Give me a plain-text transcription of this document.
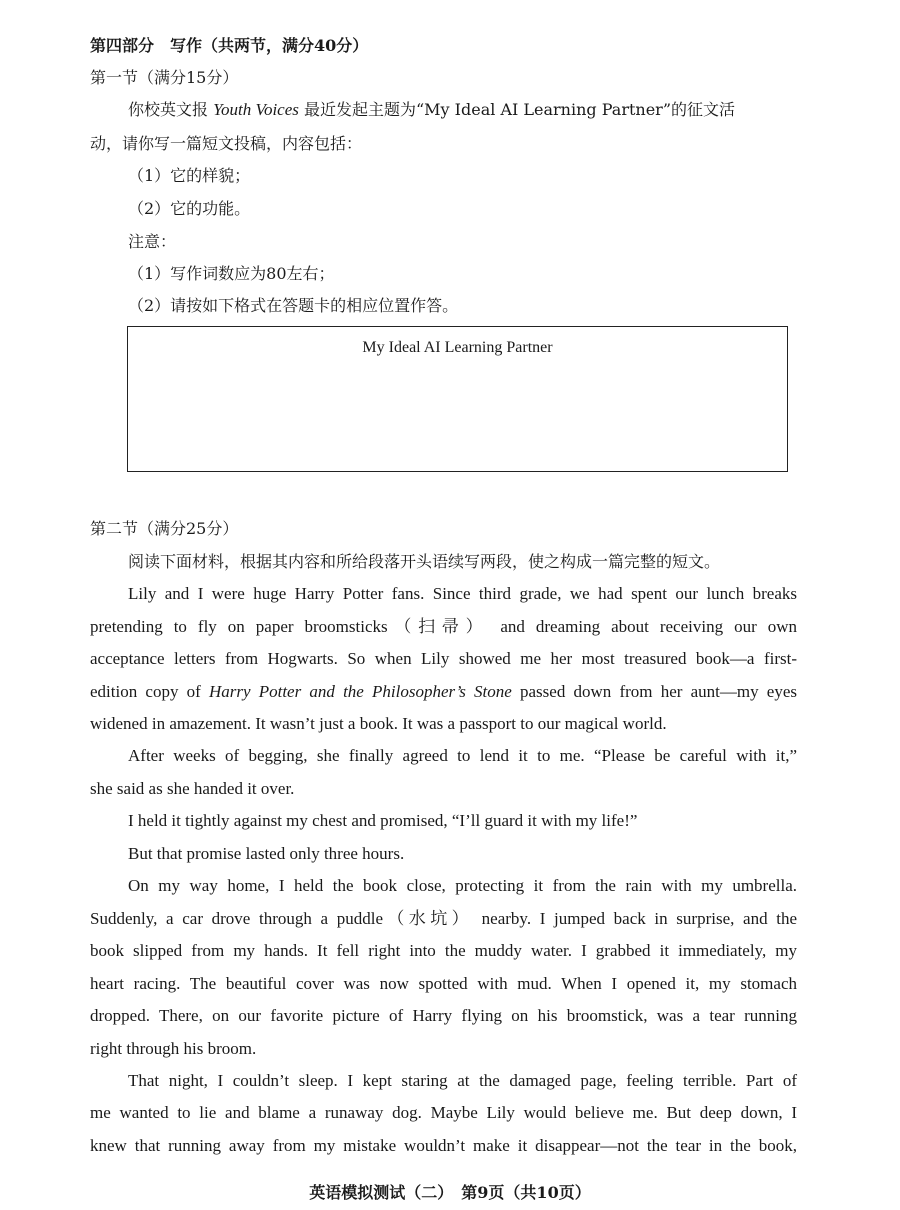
第四部分　写作（共两节，满分40分）
第一节（满分15分）
你校英文报 Youth Voices 最近发起主题为“My Ideal AI Learning Partner”的征文活
动，请你写一篇短文投稿，内容包括：
（1）它的样貌；
（2）它的功能。
注意：
（1）写作词数应为80左右；
（2）请按如下格式在答题卡的相应位置作答。
My Ideal AI Learning Partner
第二节（满分25分）
阅读下面材料，根据其内容和所给段落开头语续写两段，使之构成一篇完整的短文。
Lily and I were huge Harry Potter fans. Since third grade, we had spent our lunch breaks
pretending to fly on paper broomsticks（扫帚） and dreaming about receiving our own
acceptance letters from Hogwarts. So when Lily showed me her most treasured book—a first-
edition copy of Harry Potter and the Philosopher’s Stone passed down from her aunt—my eyes
widened in amazement. It wasn’t just a book. It was a passport to our magical world.
After weeks of begging, she finally agreed to lend it to me. “Please be careful with it,”
she said as she handed it over.
I held it tightly against my chest and promised, “I’ll guard it with my life!”
But that promise lasted only three hours.
On my way home, I held the book close, protecting it from the rain with my umbrella.
Suddenly, a car drove through a puddle（水坑） nearby. I jumped back in surprise, and the
book slipped from my hands. It fell right into the muddy water. I grabbed it immediately, my
heart racing. The beautiful cover was now spotted with mud. When I opened it, my stomach
dropped. There, on our favorite picture of Harry flying on his broomstick, was a tear running
right through his broom.
That night, I couldn’t sleep. I kept staring at the damaged page, feeling terrible. Part of
me wanted to lie and blame a runaway dog. Maybe Lily would believe me. But deep down, I
knew that running away from my mistake wouldn’t make it disappear—not the tear in the book,
英语模拟测试（二）　第9页（共10页）
